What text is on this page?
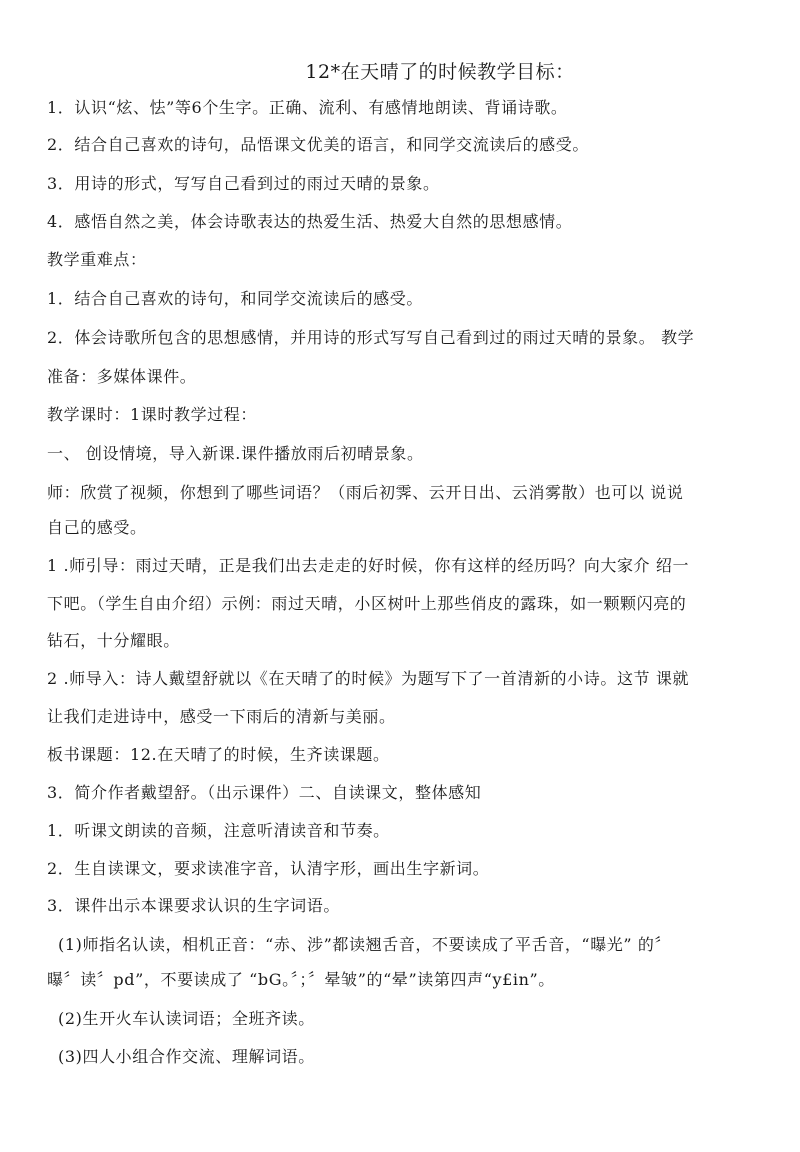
12*在天晴了的时候教学目标：
1．认识“炫、怯”等6个生字。正确、流利、有感情地朗读、背诵诗歌。
2．结合自己喜欢的诗句，品悟课文优美的语言，和同学交流读后的感受。
3．用诗的形式，写写自己看到过的雨过天晴的景象。
4．感悟自然之美，体会诗歌表达的热爱生活、热爱大自然的思想感情。
教学重难点：
1．结合自己喜欢的诗句，和同学交流读后的感受。
2．体会诗歌所包含的思想感情，并用诗的形式写写自己看到过的雨过天晴的景象。 教学
准备：多媒体课件。
教学课时：1课时教学过程：
一、 创设情境，导入新课.课件播放雨后初晴景象。
师：欣赏了视频，你想到了哪些词语？（雨后初霁、云开日出、云消雾散）也可以 说说
自己的感受。
1 .师引导：雨过天晴，正是我们出去走走的好时候，你有这样的经历吗？向大家介 绍一
下吧。（学生自由介绍）示例：雨过天晴，小区树叶上那些俏皮的露珠，如一颗颗闪亮的
钻石，十分耀眼。
2 .师导入：诗人戴望舒就以《在天晴了的时候》为题写下了一首清新的小诗。这节 课就
让我们走进诗中，感受一下雨后的清新与美丽。
板书课题：12.在天晴了的时候，生齐读课题。
3．简介作者戴望舒。（出示课件）二、自读课文，整体感知
1．听课文朗读的音频，注意听清读音和节奏。
2．生自读课文，要求读准字音，认清字形，画出生字新词。
3．课件出示本课要求认识的生字词语。
(1)师指名认读，相机正音：“赤、涉”都读翘舌音，不要读成了平舌音，“曝光” 的〞
曝〞读〞pd”，不要读成了 “bG。〞；〞晕皱”的“晕”读第四声“y£in”。
(2)生开火车认读词语；全班齐读。
(3)四人小组合作交流、理解词语。
